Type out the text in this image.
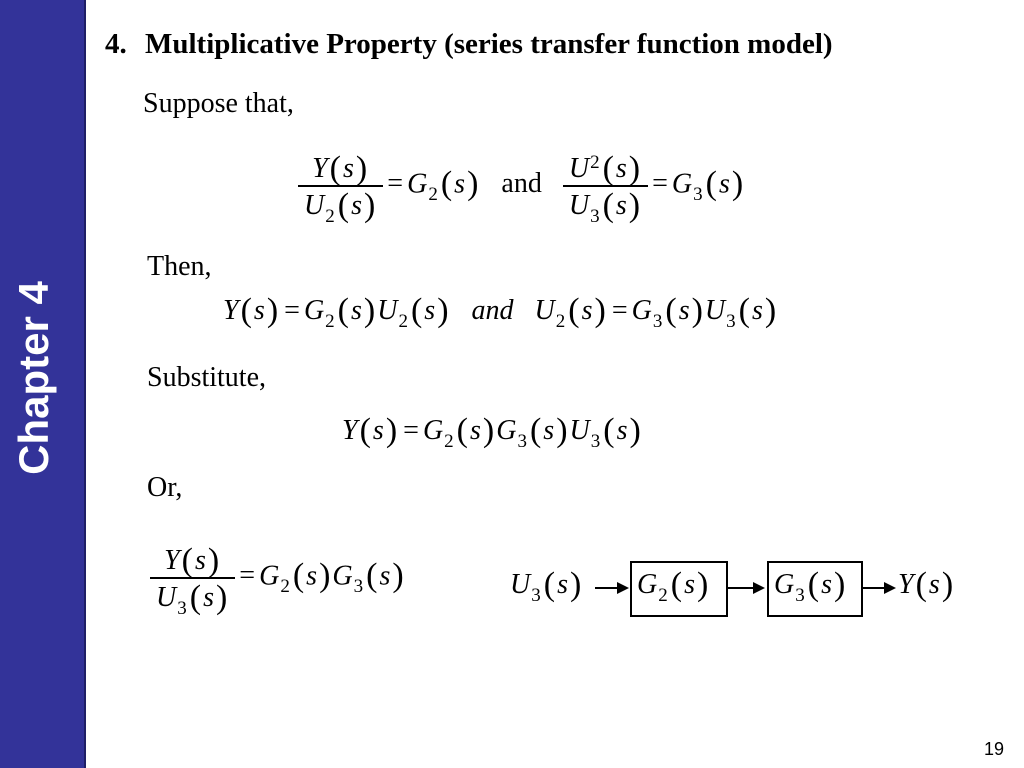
Chapter 4
4. Multiplicative Property (series transfer function model)
Suppose that,
$\frac{Y(s)}{U_2(s)} = G_2(s)$ and $\frac{U^2(s)}{U_3(s)} = G_3(s)$
Then,
$Y(s) = G_2(s)U_2(s)$ and $U_2(s) = G_3(s)U_3(s)$
Substitute,
$Y(s) = G_2(s)G_3(s)U_3(s)$
Or,
$\frac{Y(s)}{U_3(s)} = G_2(s)G_3(s)$	$U_3(s)$ $G_2(s)$ $G_3(s)$ Y(s)
19
